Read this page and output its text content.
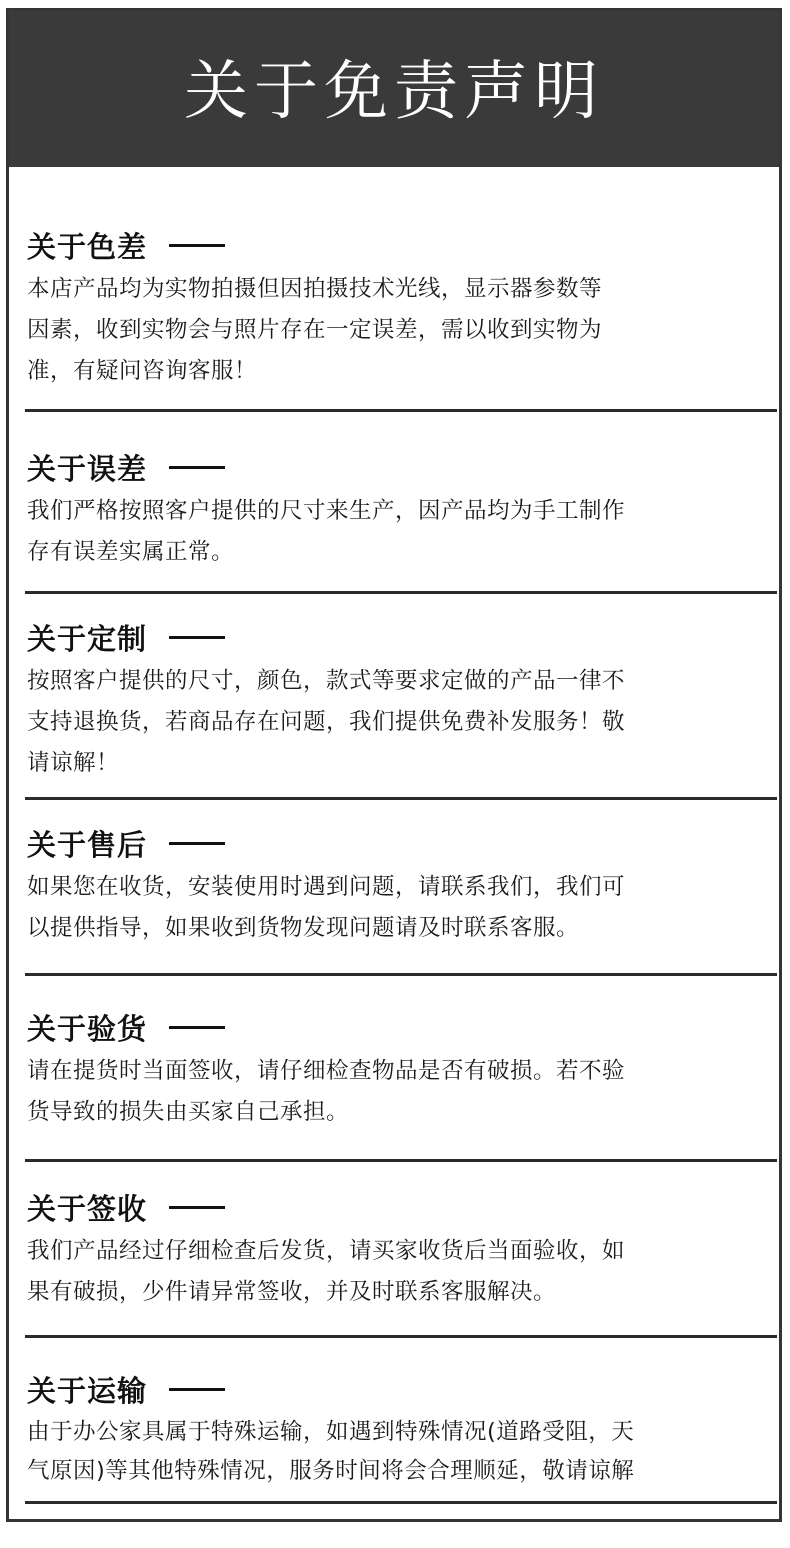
关于免责声明
关于色差
本店产品均为实物拍摄但因拍摄技术光线，显示器参数等
因素，收到实物会与照片存在一定误差，需以收到实物为
准，有疑问咨询客服！
关于误差
我们严格按照客户提供的尺寸来生产，因产品均为手工制作
存有误差实属正常。
关于定制
按照客户提供的尺寸，颜色，款式等要求定做的产品一律不
支持退换货，若商品存在问题，我们提供免费补发服务！敬
请谅解！
关于售后
如果您在收货，安装使用时遇到问题，请联系我们，我们可
以提供指导，如果收到货物发现问题请及时联系客服。
关于验货
请在提货时当面签收，请仔细检查物品是否有破损。若不验
货导致的损失由买家自己承担。
关于签收
我们产品经过仔细检查后发货，请买家收货后当面验收，如
果有破损，少件请异常签收，并及时联系客服解决。
关于运输
由于办公家具属于特殊运输，如遇到特殊情况(道路受阻，天
气原因)等其他特殊情况，服务时间将会合理顺延，敬请谅解
